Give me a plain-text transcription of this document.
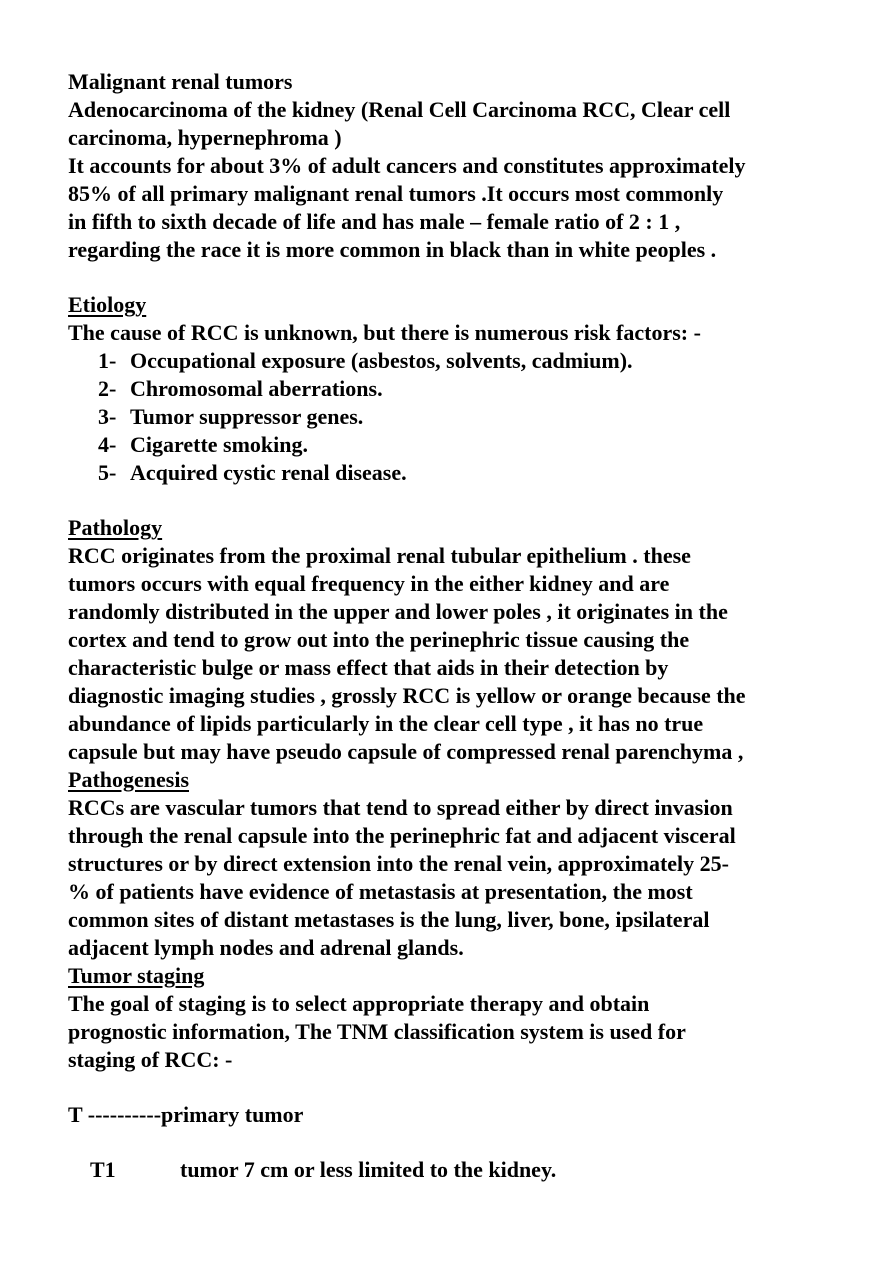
Malignant renal tumors
Adenocarcinoma of the kidney (Renal Cell Carcinoma RCC, Clear cell
carcinoma, hypernephroma )
It accounts for about 3% of adult cancers and constitutes approximately
85% of all primary malignant renal tumors .It occurs most commonly
in fifth to sixth decade of life and has male – female ratio of 2 : 1 ,
regarding the race it is more common in black than in white peoples .
Etiology
The cause of RCC is unknown, but there is numerous risk factors: -
1- Occupational exposure (asbestos, solvents, cadmium).
2- Chromosomal aberrations.
3- Tumor suppressor genes.
4- Cigarette smoking.
5- Acquired cystic renal disease.
Pathology
RCC originates from the proximal renal tubular epithelium . these
tumors occurs with equal frequency in the either kidney and are
randomly distributed in the upper and lower poles , it originates in the
cortex and tend to grow out into the perinephric tissue causing the
characteristic bulge or mass effect that aids in their detection by
diagnostic imaging studies , grossly RCC is yellow or orange because the
abundance of lipids particularly in the clear cell type , it has no true
capsule but may have pseudo capsule of compressed renal parenchyma ,
Pathogenesis
RCCs are vascular tumors that tend to spread either by direct invasion
through the renal capsule into the perinephric fat and adjacent visceral
structures or by direct extension into the renal vein, approximately 25-
% of patients have evidence of metastasis at presentation, the most
common sites of distant metastases is the lung, liver, bone, ipsilateral
adjacent lymph nodes and adrenal glands.
Tumor staging
The goal of staging is to select appropriate therapy and obtain
prognostic information, The TNM classification system is used for
staging of RCC: -
T ----------primary tumor
T1	tumor 7 cm or less limited to the kidney.
